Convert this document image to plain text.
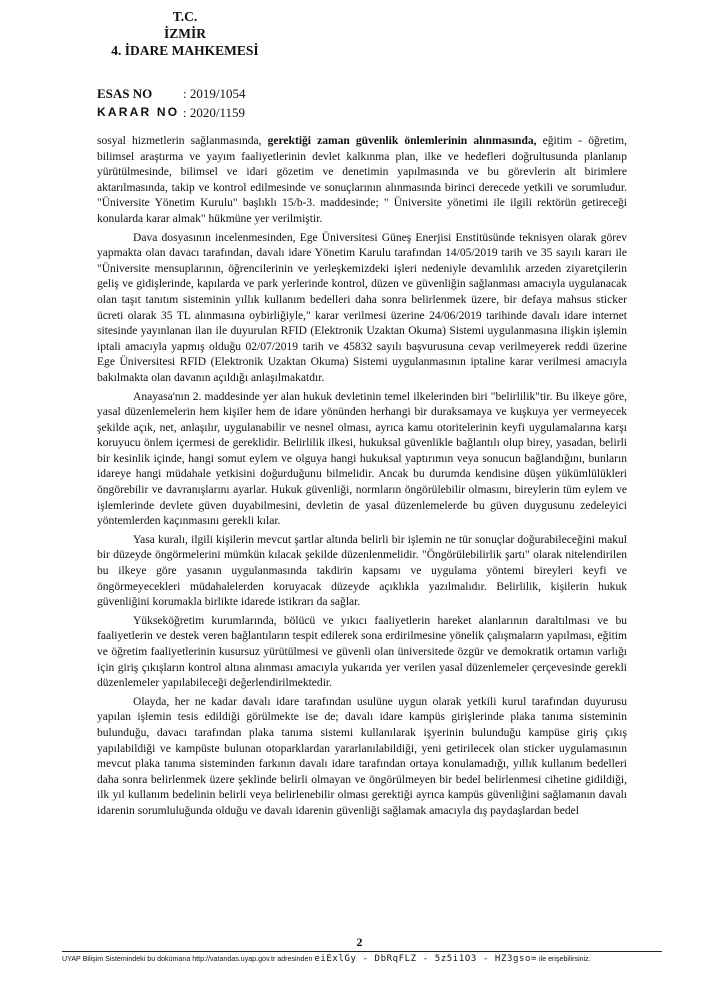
T.C.
İZMİR
4. İDARE MAHKEMESİ
ESAS NO	: 2019/1054
KARAR NO : 2020/1159

sosyal hizmetlerin sağlanmasında, gerektiği zaman güvenlik önlemlerinin alınmasında, eğitim - öğretim, bilimsel araştırma ve yayım faaliyetlerinin devlet kalkınma plan, ilke ve hedefleri doğrultusunda planlanıp yürütülmesinde, bilimsel ve idari gözetim ve denetimin yapılmasında ve bu görevlerin alt birimlere aktarılmasında, takip ve kontrol edilmesinde ve sonuçlarının alınmasında birinci derecede yetkili ve sorumludur. "Üniversite Yönetim Kurulu" başlıklı 15/b-3. maddesinde; " Üniversite yönetimi ile ilgili rektörün getireceği konularda karar almak" hükmüne yer verilmiştir.

Dava dosyasının incelenmesinden, Ege Üniversitesi Güneş Enerjisi Enstitüsünde teknisyen olarak görev yapmakta olan davacı tarafından, davalı idare Yönetim Karulu tarafından 14/05/2019 tarih ve 35 sayılı kararı ile "Üniversite mensuplarının, öğrencilerinin ve yerleşkemizdeki işleri nedeniyle devamlılık arzeden ziyaretçilerin geliş ve gidişlerinde, kapılarda ve park yerlerinde kontrol, düzen ve güvenliğin sağlanması amacıyla uygulanacak olan taşıt tanıtım sisteminin yıllık kullanım bedelleri daha sonra belirlenmek üzere, bir defaya mahsus sticker ücreti olarak 35 TL alınmasına oybirliğiyle," karar verilmesi üzerine 24/06/2019 tarihinde davalı idare internet sitesinde yayınlanan ilan ile duyurulan RFID (Elektronik Uzaktan Okuma) Sistemi uygulanmasına ilişkin işlemin iptali amacıyla yapmış olduğu 02/07/2019 tarih ve 45832 sayılı başvurusuna cevap verilmeyerek reddi üzerine Ege Üniversitesi RFID (Elektronik Uzaktan Okuma) Sistemi uygulanmasının iptaline karar verilmesi amacıyla bakılmakta olan davanın açıldığı anlaşılmakatdır.

Anayasa'nın 2. maddesinde yer alan hukuk devletinin temel ilkelerinden biri "belirlilik"tir. Bu ilkeye göre, yasal düzenlemelerin hem kişiler hem de idare yönünden herhangi bir duraksamaya ve kuşkuya yer vermeyecek şekilde açık, net, anlaşılır, uygulanabilir ve nesnel olması, ayrıca kamu otoritelerinin keyfi uygulamalarına karşı koruyucu önlem içermesi de gereklidir. Belirlilik ilkesi, hukuksal güvenlikle bağlantılı olup birey, yasadan, belirli bir kesinlik içinde, hangi somut eylem ve olguya hangi hukuksal yaptırımın veya sonucun bağlandığını, bunların idareye hangi müdahale yetkisini doğurduğunu bilmelidir. Ancak bu durumda kendisine düşen yükümlülükleri öngörebilir ve davranışlarını ayarlar. Hukuk güvenliği, normların öngörülebilir olmasını, bireylerin tüm eylem ve işlemlerinde devlete güven duyabilmesini, devletin de yasal düzenlemelerde bu güven duygusunu zedeleyici yöntemlerden kaçınmasını gerekli kılar.

Yasa kuralı, ilgili kişilerin mevcut şartlar altında belirli bir işlemin ne tür sonuçlar doğurabileceğini makul bir düzeyde öngörmelerini mümkün kılacak şekilde düzenlenmelidir. "Öngörülebilirlik şartı" olarak nitelendirilen bu ilkeye göre yasanın uygulanmasında takdirin kapsamı ve uygulama yöntemi bireyleri keyfi ve öngörmeyecekleri müdahalelerden koruyacak düzeyde açıklıkla yazılmalıdır. Belirlilik, kişilerin hukuk güvenliğini korumakla birlikte idarede istikrarı da sağlar.

Yükseköğretim kurumlarında, bölücü ve yıkıcı faaliyetlerin hareket alanlarının daraltılması ve bu faaliyetlerin ve destek veren bağlantıların tespit edilerek sona erdirilmesine yönelik çalışmaların yapılması, eğitim ve öğretim faaliyetlerinin kusursuz yürütülmesi ve güvenli olan üniversitede özgür ve demokratik ortamın varlığı için giriş çıkışların kontrol altına alınması amacıyla yukarıda yer verilen yasal düzenlemeler çerçevesinde gerekli düzenlemeler yapılabileceği değerlendirilmektedir.

Olayda, her ne kadar davalı idare tarafından usulüne uygun olarak yetkili kurul tarafından duyurusu yapılan işlemin tesis edildiği görülmekte ise de; davalı idare kampüs girişlerinde plaka tanıma sisteminin bulunduğu, davacı tarafından plaka tanıma sistemi kullanılarak işyerinin bulunduğu kampüse giriş çıkış yapılabildiği ve kampüste bulunan otoparklardan yararlanılabildiği, yeni getirilecek olan sticker uygulamasının mevcut plaka tanıma sisteminden farkının davalı idare tarafından ortaya konulamadığı, yıllık kullanım bedelleri daha sonra belirlenmek üzere şeklinde belirli olmayan ve öngörülmeyen bir bedel belirlenmesi cihetine gidildiği, ilk yıl kullanım bedelinin belirli veya belirlenebilir olması gerektiği ayrıca kampüs güvenliğini sağlamanın davalı idarenin sorumluluğunda olduğu ve davalı idarenin güvenliği sağlamak amacıyla dış paydaşlardan bedel

2
UYAP Bilişim Sistemindeki bu dokümana http://vatandas.uyap.gov.tr adresinden eiExlGy - DbRqFLZ - 5z5i1O3 - HZ3gso= ile erişebilirsiniz.
